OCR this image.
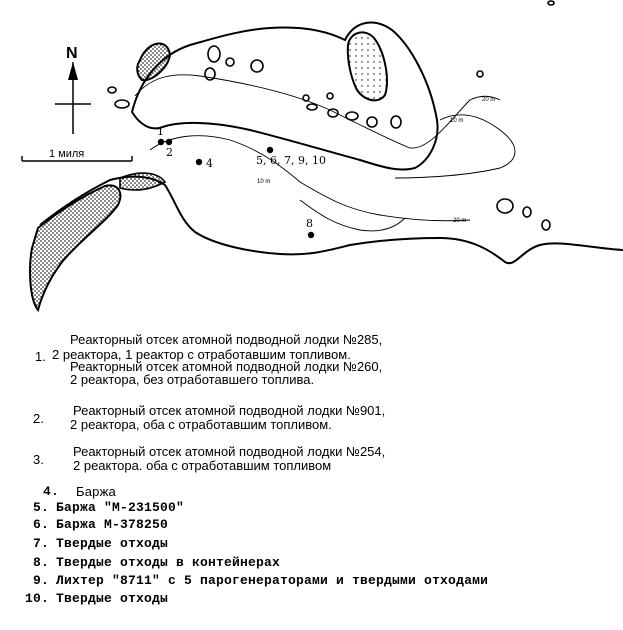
N
1 миля
20 m
10 m
10 m
20 m
1
2
4	5, 6, 7, 9, 10
8
1.
Реакторный отсек атомной подводной лодки №285,
2 реактора, 1 реактор с отработавшим топливом.
Реакторный отсек атомной подводной лодки №260,
2 реактора, без отработавшего топлива.
2.
Реакторный отсек атомной подводной лодки №901,
2 реактора, оба с отработавшим топливом.
3.
Реакторный отсек атомной подводной лодки №254,
2 реактора. оба с отработавшим топливом
4. Баржа
5. Баржа "М-231500"
6. Баржа М-378250
7. Твердые отходы
8. Твердые отходы в контейнерах
9. Лихтер "8711" с 5 парогенераторами и твердыми отходами
10. Твердые отходы
